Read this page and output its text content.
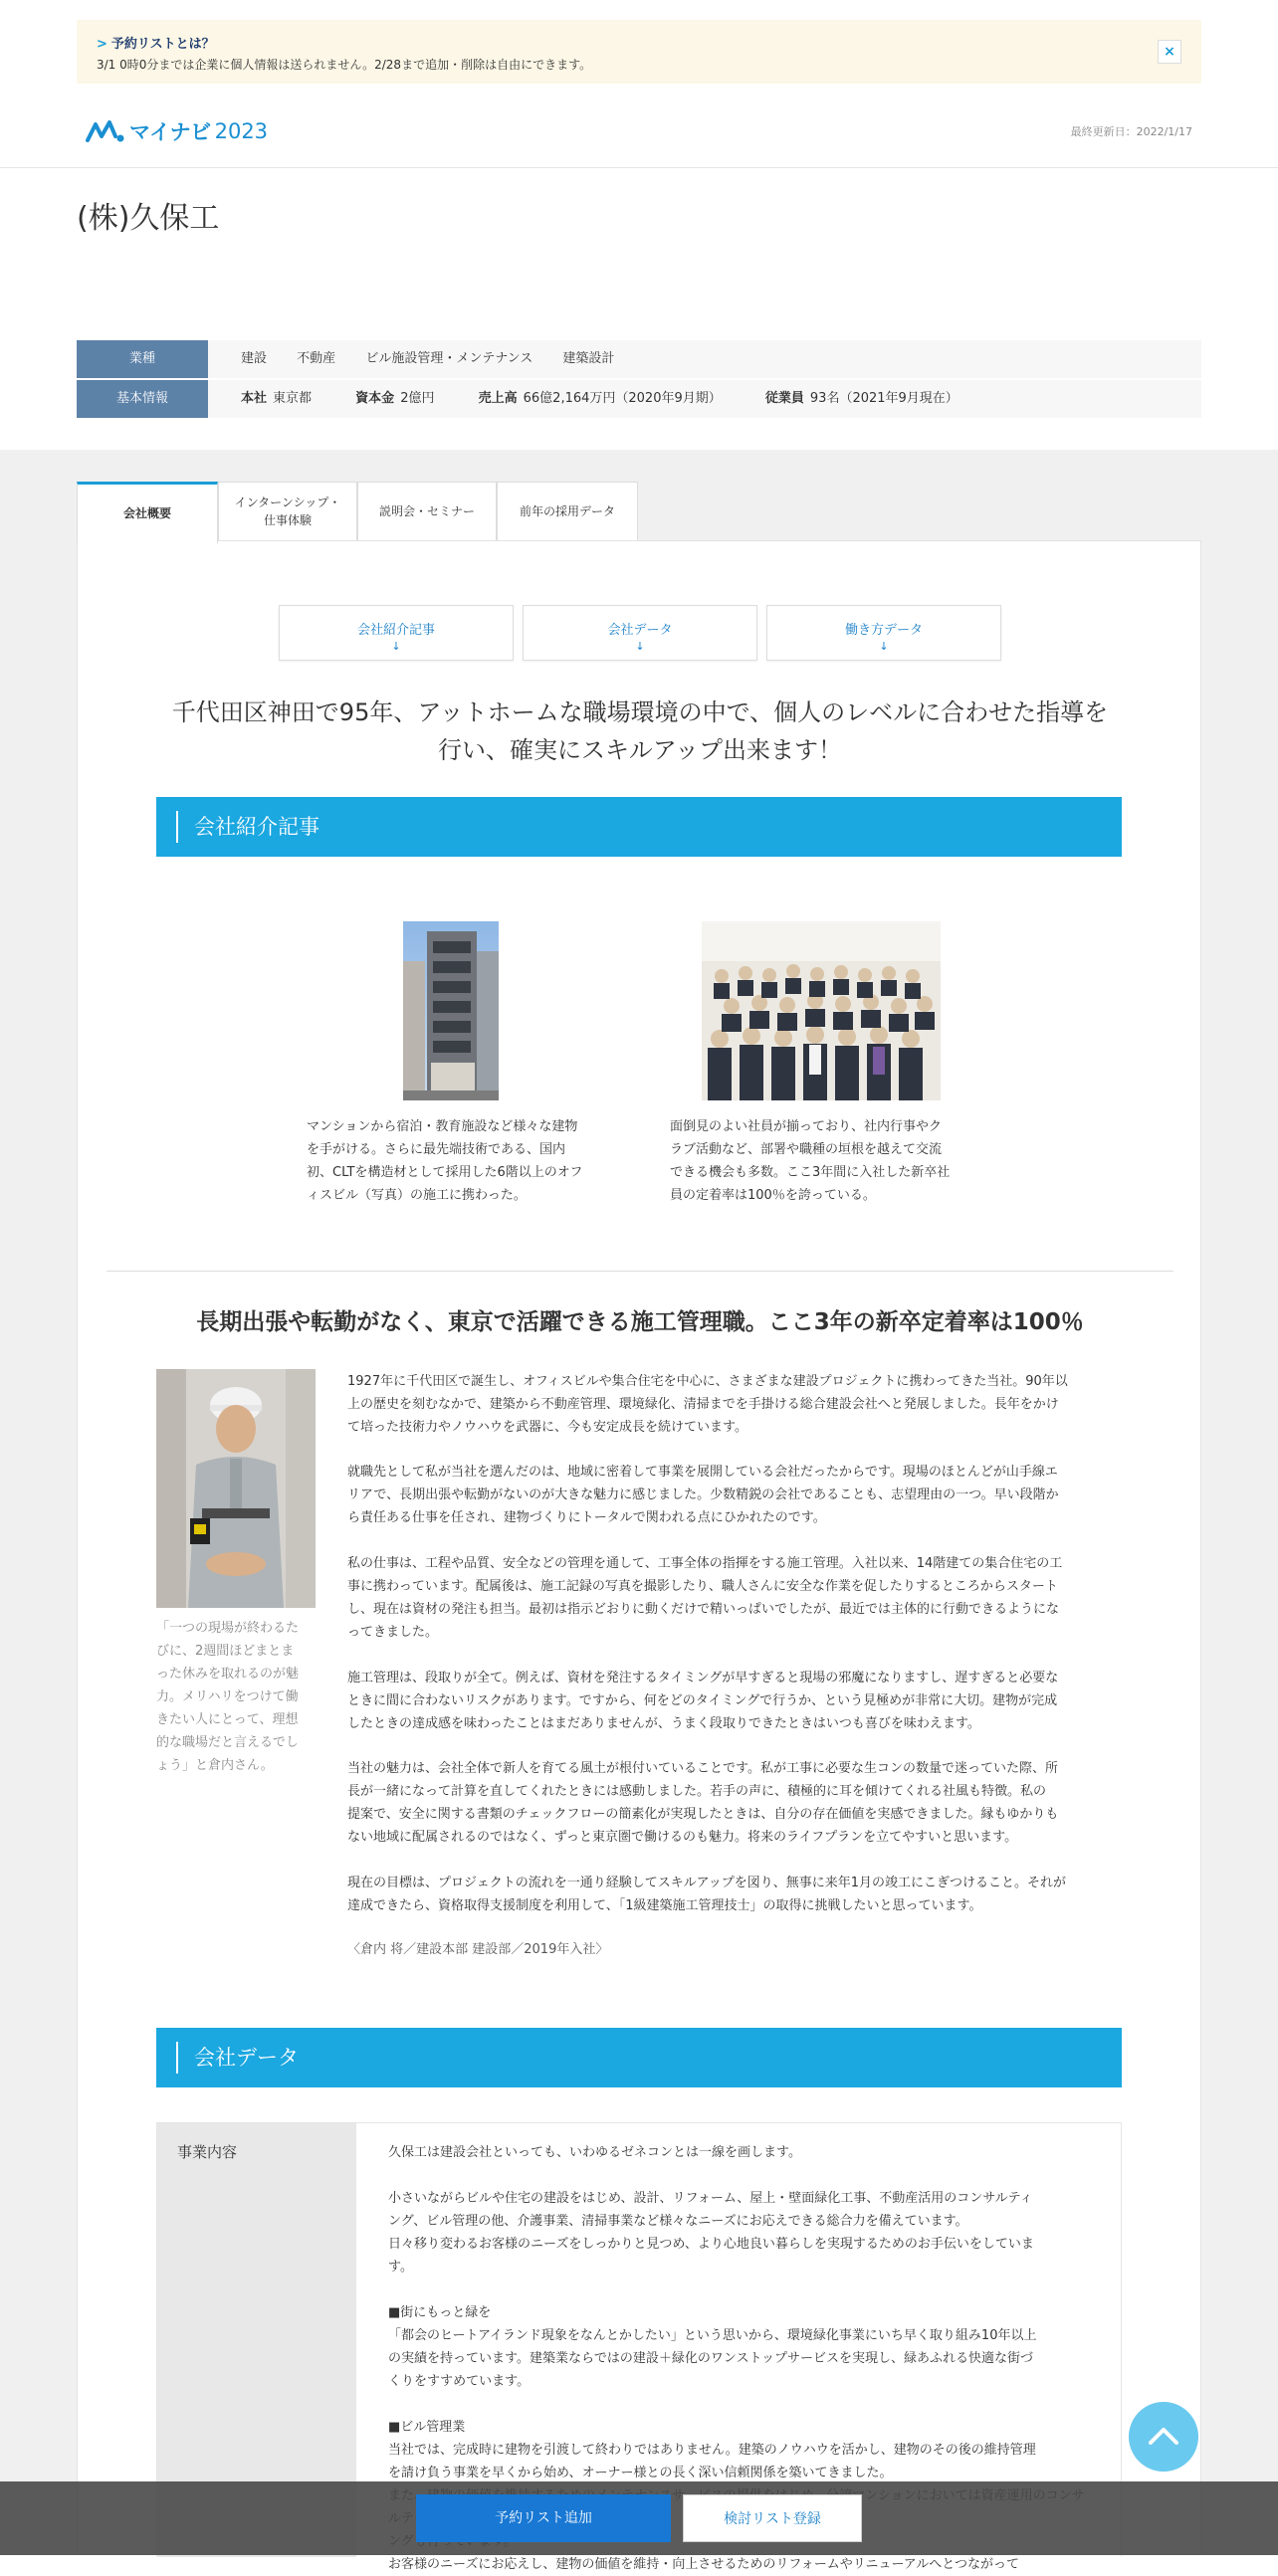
> 予約リストとは？
3/1 0時0分までは企業に個人情報は送られません。2/28まで追加・削除は自由にできます。
×
マイナビ 2023	最終更新日：2022/1/17
(株)久保工
業種	建設 不動産 ビル施設管理・メンテナンス 建築設計
基本情報	本社 東京都	資本金 2億円	売上高 66億2,164万円（2020年9月期）	従業員 93名（2021年9月現在）
会社概要
インターンシップ・
仕事体験
説明会・セミナー	前年の採用データ
会社紹介記事
↓
会社データ
↓
働き方データ
↓
千代田区神田で95年、アットホームな職場環境の中で、個人のレベルに合わせた指導を
行い、確実にスキルアップ出来ます！
会社紹介記事
マンションから宿泊・教育施設など様々な建物
を手がける。さらに最先端技術である、国内
初、CLTを構造材として採用した6階以上のオフ
ィスビル（写真）の施工に携わった。
面倒見のよい社員が揃っており、社内行事やク
ラブ活動など、部署や職種の垣根を越えて交流
できる機会も多数。ここ3年間に入社した新卒社
員の定着率は100％を誇っている。
長期出張や転勤がなく、東京で活躍できる施工管理職。ここ3年の新卒定着率は100％
「一つの現場が終わるた
びに、2週間ほどまとま
った休みを取れるのが魅
力。メリハリをつけて働
きたい人にとって、理想
的な職場だと言えるでし
ょう」と倉内さん。
1927年に千代田区で誕生し、オフィスビルや集合住宅を中心に、さまざまな建設プロジェクトに携わってきた当社。90年以
上の歴史を刻むなかで、建築から不動産管理、環境緑化、清掃までを手掛ける総合建設会社へと発展しました。長年をかけ
て培った技術力やノウハウを武器に、今も安定成長を続けています。
就職先として私が当社を選んだのは、地域に密着して事業を展開している会社だったからです。現場のほとんどが山手線エ
リアで、長期出張や転勤がないのが大きな魅力に感じました。少数精鋭の会社であることも、志望理由の一つ。早い段階か
ら責任ある仕事を任され、建物づくりにトータルで関われる点にひかれたのです。
私の仕事は、工程や品質、安全などの管理を通して、工事全体の指揮をする施工管理。入社以来、14階建ての集合住宅の工
事に携わっています。配属後は、施工記録の写真を撮影したり、職人さんに安全な作業を促したりするところからスタート
し、現在は資材の発注も担当。最初は指示どおりに動くだけで精いっぱいでしたが、最近では主体的に行動できるようにな
ってきました。
施工管理は、段取りが全て。例えば、資材を発注するタイミングが早すぎると現場の邪魔になりますし、遅すぎると必要な
ときに間に合わないリスクがあります。ですから、何をどのタイミングで行うか、という見極めが非常に大切。建物が完成
したときの達成感を味わったことはまだありませんが、うまく段取りできたときはいつも喜びを味わえます。
当社の魅力は、会社全体で新人を育てる風土が根付いていることです。私が工事に必要な生コンの数量で迷っていた際、所
長が一緒になって計算を直してくれたときには感動しました。若手の声に、積極的に耳を傾けてくれる社風も特徴。私の
提案で、安全に関する書類のチェックフローの簡素化が実現したときは、自分の存在価値を実感できました。縁もゆかりも
ない地域に配属されるのではなく、ずっと東京圏で働けるのも魅力。将来のライフプランを立てやすいと思います。
現在の目標は、プロジェクトの流れを一通り経験してスキルアップを図り、無事に来年1月の竣工にこぎつけること。それが
達成できたら、資格取得支援制度を利用して、「1級建築施工管理技士」の取得に挑戦したいと思っています。
〈倉内 将／建設本部 建設部／2019年入社〉
会社データ
事業内容	久保工は建設会社といっても、いわゆるゼネコンとは一線を画します。

小さいながらビルや住宅の建設をはじめ、設計、リフォーム、屋上・壁面緑化工事、不動産活用のコンサルティ
ング、ビル管理の他、介護事業、清掃事業など様々なニーズにお応えできる総合力を備えています。
日々移り変わるお客様のニーズをしっかりと見つめ、より心地良い暮らしを実現するためのお手伝いをしていま
す。

■街にもっと緑を
「都会のヒートアイランド現象をなんとかしたい」という思いから、環境緑化事業にいち早く取り組み10年以上
の実績を持っています。建築業ならではの建設＋緑化のワンストップサービスを実現し、緑あふれる快適な街づ
くりをすすめています。

■ビル管理業
当社では、完成時に建物を引渡して終わりではありません。建築のノウハウを活かし、建物のその後の維持管理
を請け負う事業を早くから始め、オーナー様との長く深い信頼関係を築いてきました。

お客様のニーズにお応えし、建物の価値を維持・向上させるためのリフォームやリニューアルへとつながって
予約リスト追加	検討リスト登録
